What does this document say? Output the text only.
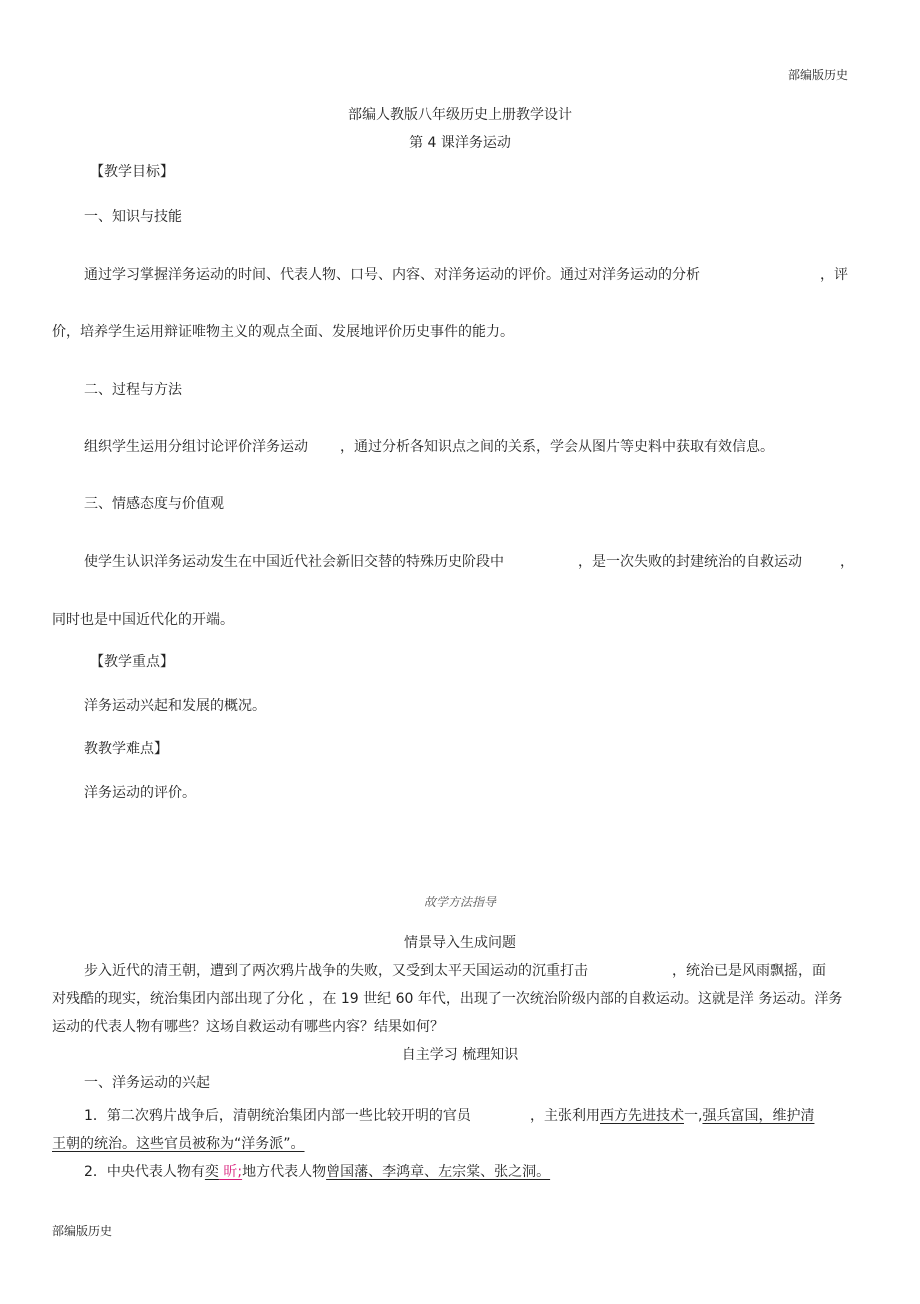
部编版历史
部编人教版八年级历史上册教学设计
第 4 课洋务运动
【教学目标】
一、知识与技能
通过学习掌握洋务运动的时间、代表人物、口号、内容、对洋务运动的评价。通过对洋务运动的分析	，评
价，培养学生运用辩证唯物主义的观点全面、发展地评价历史事件的能力。
二、过程与方法
组织学生运用分组讨论评价洋务运动 ，通过分析各知识点之间的关系，学会从图片等史料中获取有效信息。
三、情感态度与价值观
使学生认识洋务运动发生在中国近代社会新旧交替的特殊历史阶段中	，是一次失败的封建统治的自救运动	，
同时也是中国近代化的开端。
【教学重点】
洋务运动兴起和发展的概况。
教教学难点】
洋务运动的评价。
故学方法指导
情景导入生成问题
步入近代的清王朝，遭到了两次鸦片战争的失败，又受到太平天国运动的沉重打击	，统治已是风雨飘摇，面
对残酷的现实，统治集团内部出现了分化 ，在 19 世纪 60 年代，出现了一次统治阶级内部的自救运动。这就是洋 务运动。洋务
运动的代表人物有哪些？这场自救运动有哪些内容？结果如何？
自主学习 梳理知识
一、洋务运动的兴起
1．第二次鸦片战争后，清朝统治集团内部一些比较开明的官员	，主张利用西方先进技术一,强兵富国，维护清
王朝的统治。这些官员被称为“洋务派”。
2．中央代表人物有奕 昕;地方代表人物曾国藩、李鸿章、左宗棠、张之洞。
部编版历史
